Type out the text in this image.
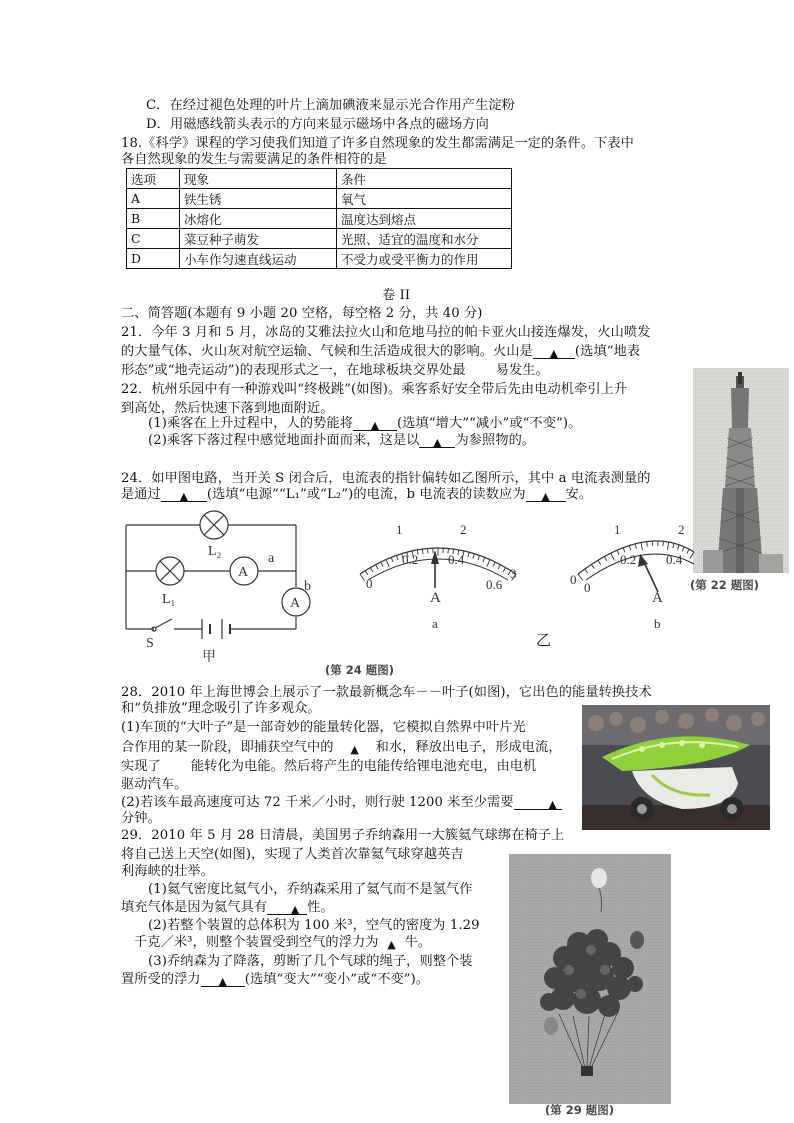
C．在经过褪色处理的叶片上滴加碘液来显示光合作用产生淀粉
D．用磁感线箭头表示的方向来显示磁场中各点的磁场方向
18.《科学》课程的学习使我们知道了许多自然现象的发生都需满足一定的条件。下表中
各自然现象的发生与需要满足的条件相符的是
选项	现象	条件
A	铁生锈	氧气
B	冰熔化	温度达到熔点
C	菜豆种子萌发	光照、适宜的温度和水分
D	小车作匀速直线运动	不受力或受平衡力的作用
卷 II
二、简答题(本题有 9 小题 20 空格，每空格 2 分，共 40 分)
21．今年 3 月和 5 月，冰岛的艾雅法拉火山和危地马拉的帕卡亚火山接连爆发，火山喷发
的大量气体、火山灰对航空运输、气候和生活造成很大的影响。火山是 ▲ (选填“地表
形态”或“地壳运动”)的表现形式之一，在地球板块交界处最 易发生。
22．杭州乐园中有一种游戏叫“终极跳”(如图)。乘客系好安全带后先由电动机牵引上升
到高处，然后快速下落到地面附近。
(1)乘客在上升过程中，人的势能将 ▲ (选填“增大”“减小”或“不变”)。
(2)乘客下落过程中感觉地面扑面而来，这是以 ▲ 为参照物的。
(第 22 题图)
24．如甲图电路，当开关 S 闭合后，电流表的指针偏转如乙图所示，其中 a 电流表测量的
是通过 ▲ (选填“电源”“L₁”或“L₂”)的电流，b 电流表的读数应为 ▲ 安。
A
A
L₂
L₁
a
b
S
甲
0
1	2
3
0.2 0.4
0.6
A
a
0
1	2
0
0.2 0.4
A
b
乙
(第 24 题图)
28．2010 年上海世博会上展示了一款最新概念车－－叶子(如图)，它出色的能量转换技术
和“负排放”理念吸引了许多观众。
(1)车顶的“大叶子”是一部奇妙的能量转化器，它模拟自然界中叶片光
合作用的某一阶段，即捕获空气中的 ▲ 和水，释放出电子，形成电流，
实现了 能转化为电能。然后将产生的电能传给锂电池充电，由电机
驱动汽车。
(2)若该车最高速度可达 72 千米／小时，则行驶 1200 米至少需要	▲
分钟。
29．2010 年 5 月 28 日清晨，美国男子乔纳森用一大簇氦气球绑在椅子上
将自己送上天空(如图)，实现了人类首次靠氦气球穿越英吉
利海峡的壮举。
(1)氦气密度比氦气小，乔纳森采用了氦气而不是氢气作
填充气体是因为氦气具有 ▲ 性。
(2)若整个装置的总体积为 100 米³，空气的密度为 1.29
千克／米³，则整个装置受到空气的浮力为 ▲ 牛。
(3)乔纳森为了降落，剪断了几个气球的绳子，则整个装
置所受的浮力 ▲ (选填“变大”“变小”或“不变”)。
(第 29 题图)
